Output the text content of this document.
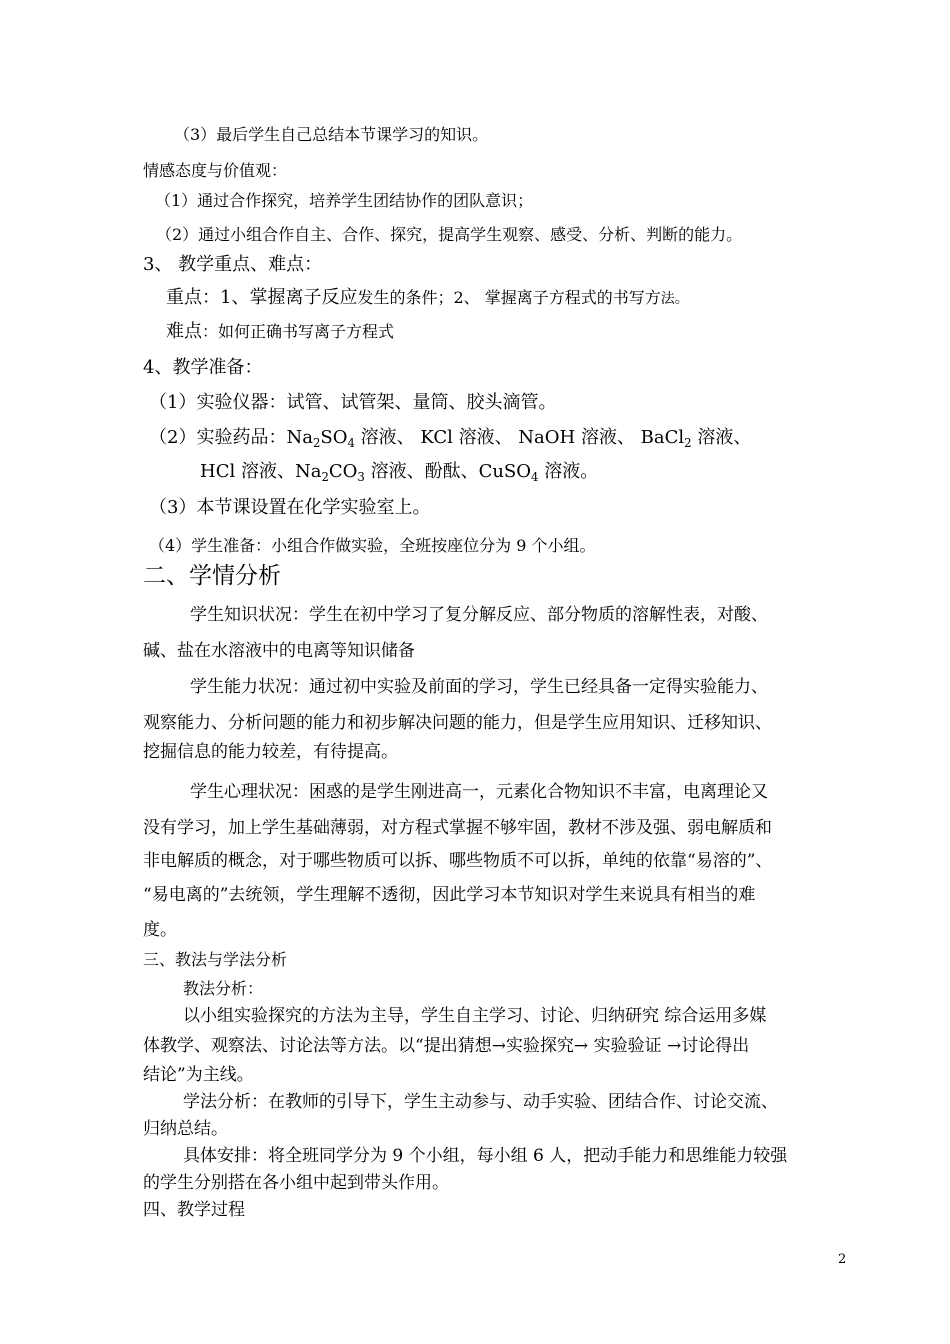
（3）最后学生自己总结本节课学习的知识。
情感态度与价值观：
（1）通过合作探究，培养学生团结协作的团队意识；
（2）通过小组合作自主、合作、探究，提高学生观察、感受、分析、判断的能力。
3、 教学重点、难点：
重点：1、掌握离子反应发生的条件；2、 掌握离子方程式的书写方法。
难点：如何正确书写离子方程式
4、教学准备：
（1）实验仪器：试管、试管架、量筒、胶头滴管。
（2）实验药品：$Na_2SO_4$ 溶液、 KCl 溶液、 NaOH 溶液、 BaCl$_2$ 溶液、
HCl 溶液、$Na_2CO_3$ 溶液、酚酞、CuSO$_4$ 溶液。
（3）本节课设置在化学实验室上。
（4）学生准备：小组合作做实验，全班按座位分为 9 个小组。
二、学情分析
学生知识状况：学生在初中学习了复分解反应、部分物质的溶解性表，对酸、
碱、盐在水溶液中的电离等知识储备
学生能力状况：通过初中实验及前面的学习，学生已经具备一定得实验能力、
观察能力、分析问题的能力和初步解决问题的能力，但是学生应用知识、迁移知识、
挖掘信息的能力较差，有待提高。
学生心理状况：困惑的是学生刚进高一，元素化合物知识不丰富，电离理论又
没有学习，加上学生基础薄弱，对方程式掌握不够牢固，教材不涉及强、弱电解质和
非电解质的概念，对于哪些物质可以拆、哪些物质不可以拆，单纯的依靠“易溶的”、
“易电离的”去统领，学生理解不透彻，因此学习本节知识对学生来说具有相当的难
度。
三、教法与学法分析
教法分析：
以小组实验探究的方法为主导，学生自主学习、讨论、归纳研究 综合运用多媒
体教学、观察法、讨论法等方法。以“提出猜想→实验探究→ 实验验证 →讨论得出
结论”为主线。
学法分析：在教师的引导下，学生主动参与、动手实验、团结合作、讨论交流、
归纳总结。
具体安排：将全班同学分为 9 个小组，每小组 6 人，把动手能力和思维能力较强
的学生分别搭在各小组中起到带头作用。
四、教学过程
2
